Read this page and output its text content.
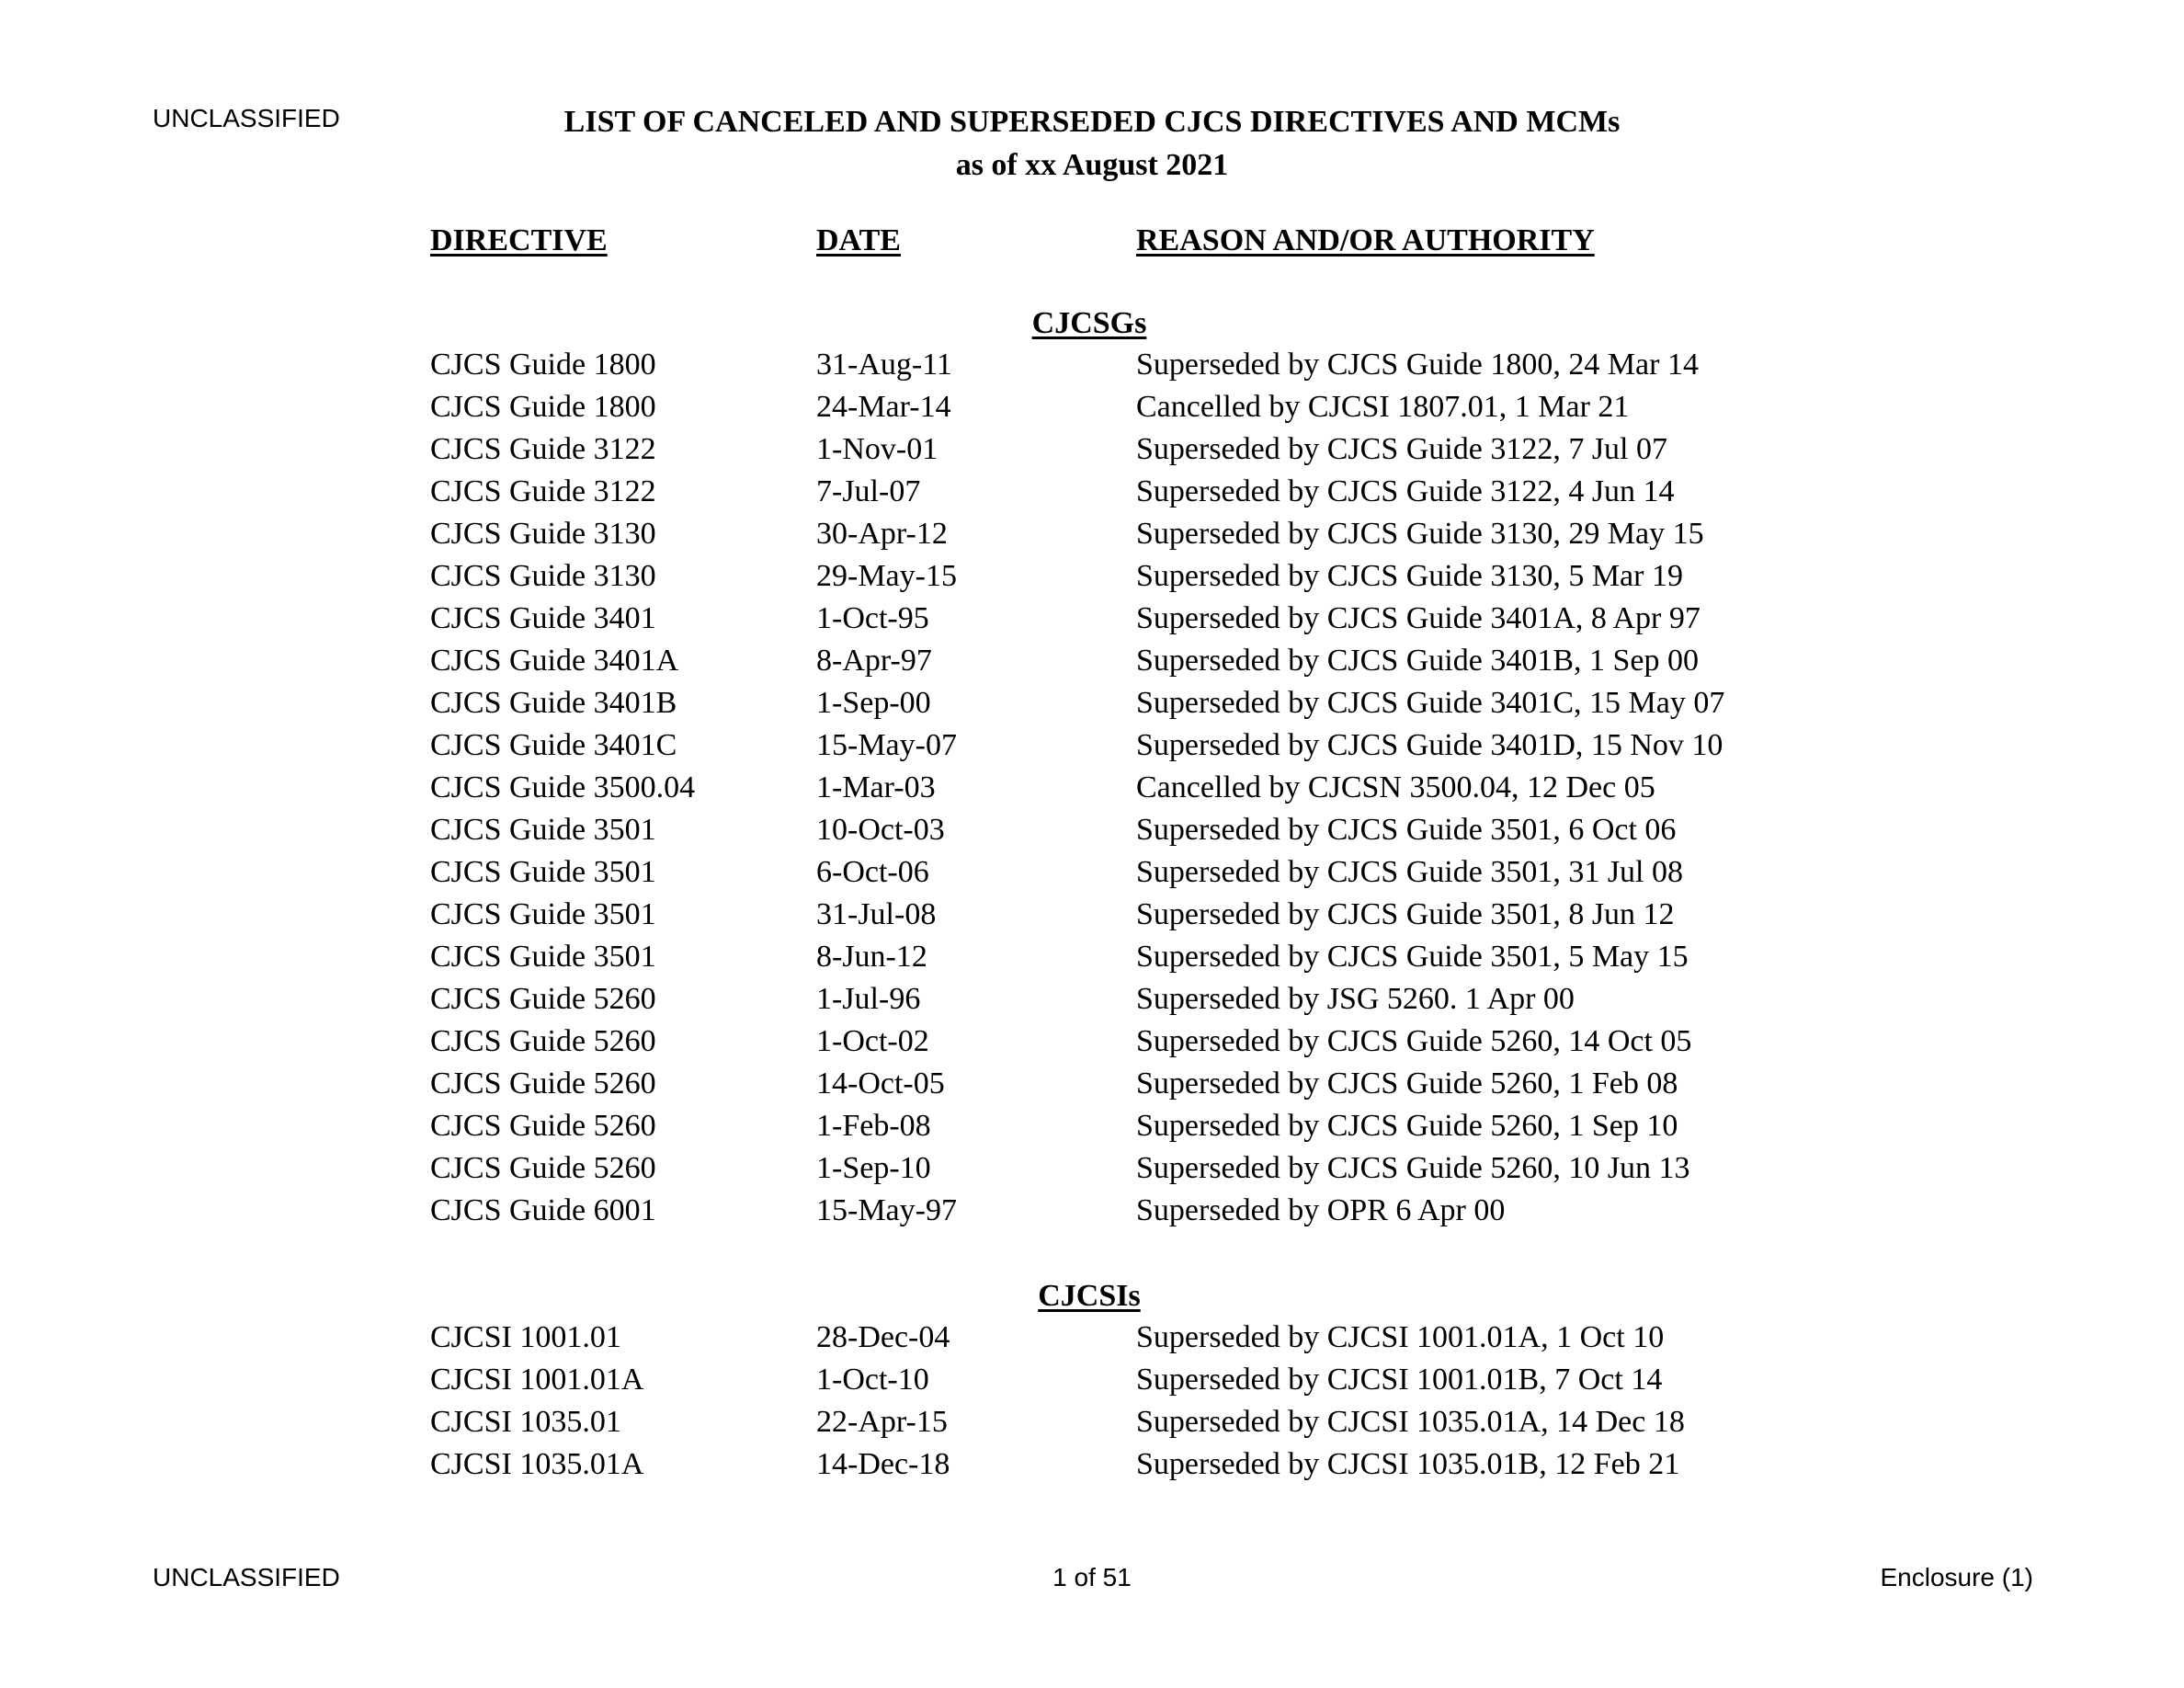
UNCLASSIFIED	LIST OF CANCELED AND SUPERSEDED CJCS DIRECTIVES AND MCMs
as of xx August 2021
DIRECTIVE	DATE	REASON AND/OR AUTHORITY
CJCSGs
CJCS Guide 1800	31-Aug-11	Superseded by CJCS Guide 1800, 24 Mar 14
CJCS Guide 1800	24-Mar-14	Cancelled by CJCSI 1807.01, 1 Mar 21
CJCS Guide 3122	1-Nov-01	Superseded by CJCS Guide 3122, 7 Jul 07
CJCS Guide 3122	7-Jul-07	Superseded by CJCS Guide 3122, 4 Jun 14
CJCS Guide 3130	30-Apr-12	Superseded by CJCS Guide 3130, 29 May 15
CJCS Guide 3130	29-May-15	Superseded by CJCS Guide 3130, 5 Mar 19
CJCS Guide 3401	1-Oct-95	Superseded by CJCS Guide 3401A, 8 Apr 97
CJCS Guide 3401A	8-Apr-97	Superseded by CJCS Guide 3401B, 1 Sep 00
CJCS Guide 3401B	1-Sep-00	Superseded by CJCS Guide 3401C, 15 May 07
CJCS Guide 3401C	15-May-07	Superseded by CJCS Guide 3401D, 15 Nov 10
CJCS Guide 3500.04	1-Mar-03	Cancelled by CJCSN 3500.04, 12 Dec 05
CJCS Guide 3501	10-Oct-03	Superseded by CJCS Guide 3501, 6 Oct 06
CJCS Guide 3501	6-Oct-06	Superseded by CJCS Guide 3501, 31 Jul 08
CJCS Guide 3501	31-Jul-08	Superseded by CJCS Guide 3501, 8 Jun 12
CJCS Guide 3501	8-Jun-12	Superseded by CJCS Guide 3501, 5 May 15
CJCS Guide 5260	1-Jul-96	Superseded by JSG 5260. 1 Apr 00
CJCS Guide 5260	1-Oct-02	Superseded by CJCS Guide 5260, 14 Oct 05
CJCS Guide 5260	14-Oct-05	Superseded by CJCS Guide 5260, 1 Feb 08
CJCS Guide 5260	1-Feb-08	Superseded by CJCS Guide 5260, 1 Sep 10
CJCS Guide 5260	1-Sep-10	Superseded by CJCS Guide 5260, 10 Jun 13
CJCS Guide 6001	15-May-97	Superseded by OPR 6 Apr 00
CJCSIs
CJCSI 1001.01	28-Dec-04	Superseded by CJCSI 1001.01A, 1 Oct 10
CJCSI 1001.01A	1-Oct-10	Superseded by CJCSI 1001.01B, 7 Oct 14
CJCSI 1035.01	22-Apr-15	Superseded by CJCSI 1035.01A, 14 Dec 18
CJCSI 1035.01A	14-Dec-18	Superseded by CJCSI 1035.01B, 12 Feb 21
UNCLASSIFIED	1 of 51	Enclosure (1)
